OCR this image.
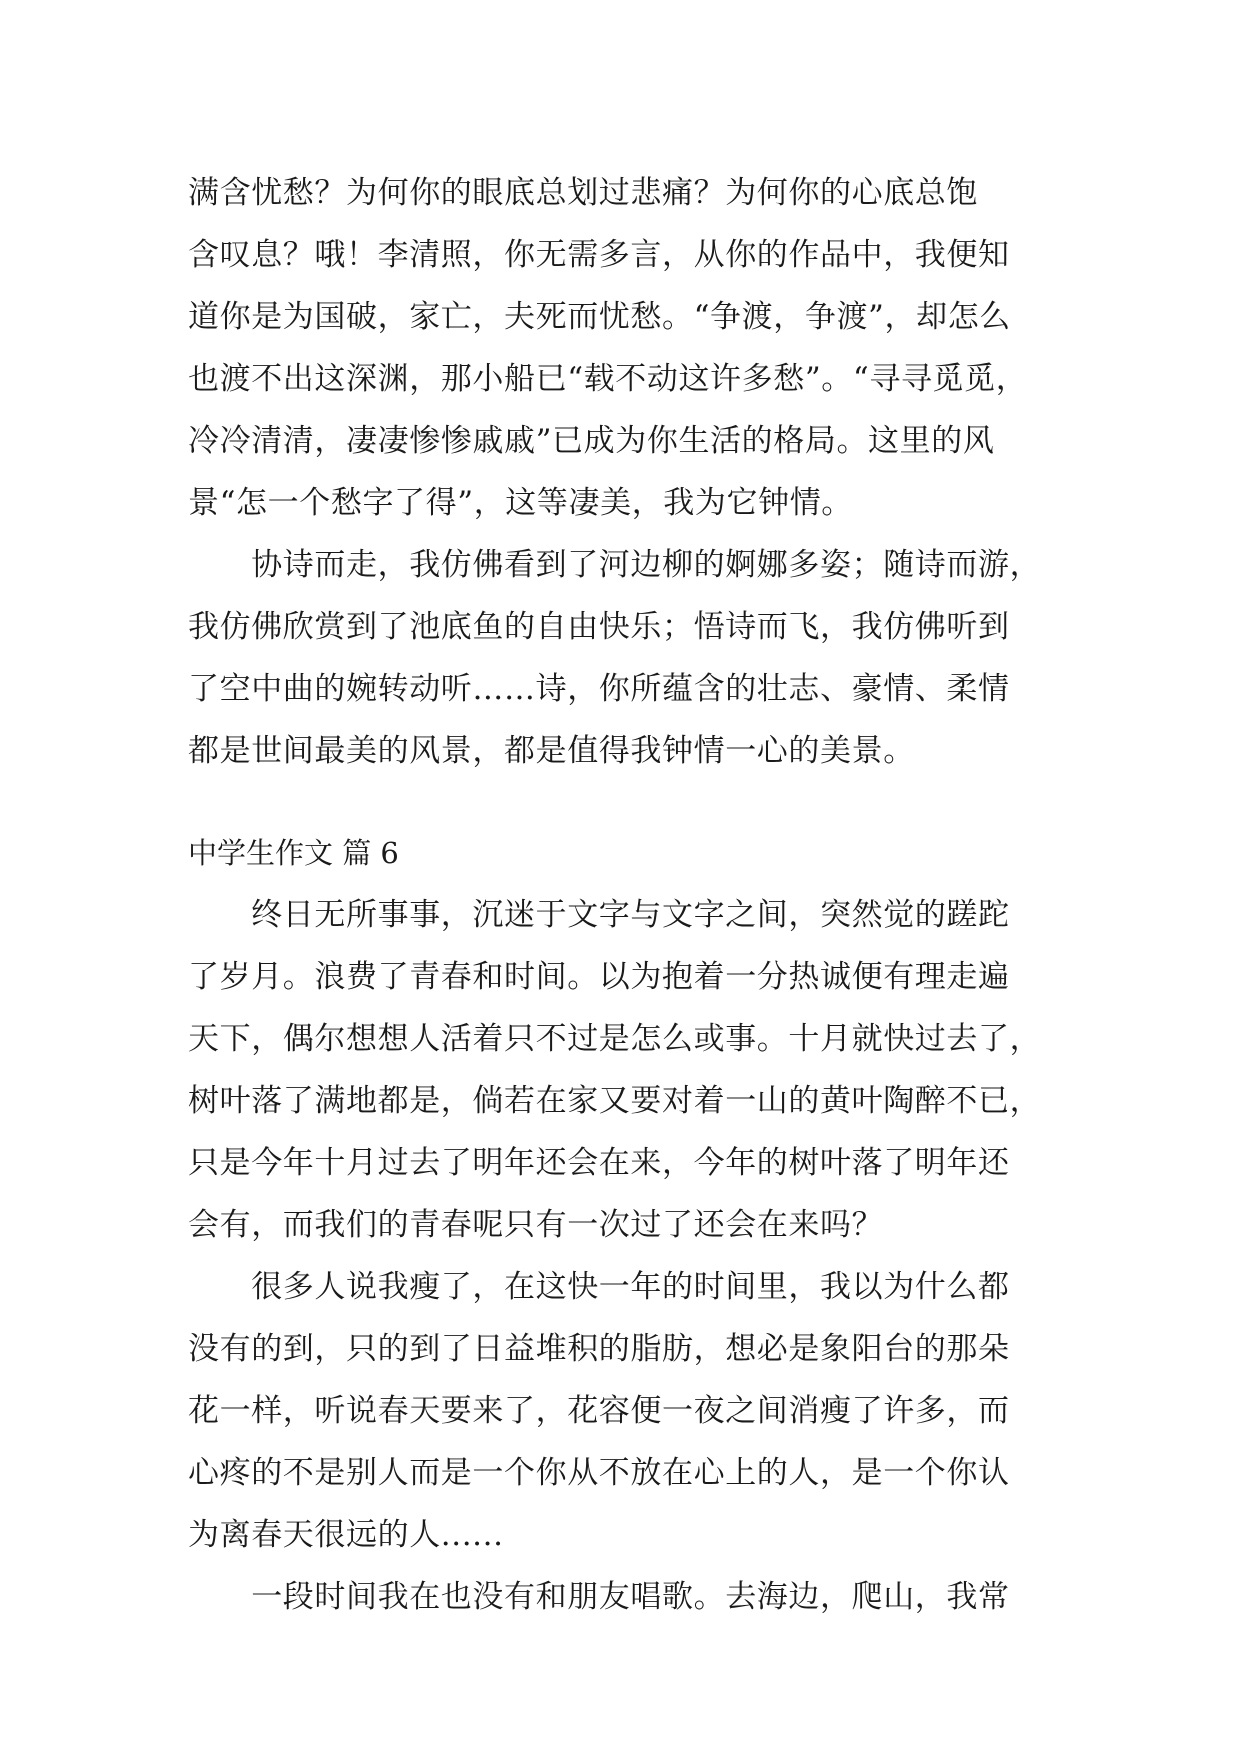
满含忧愁？为何你的眼底总划过悲痛？为何你的心底总饱
含叹息？哦！李清照，你无需多言，从你的作品中，我便知
道你是为国破，家亡，夫死而忧愁。“争渡，争渡”，却怎么
也渡不出这深渊，那小船已“载不动这许多愁”。“寻寻觅觅，
冷冷清清，凄凄惨惨戚戚”已成为你生活的格局。这里的风
景“怎一个愁字了得”，这等凄美，我为它钟情。
　　协诗而走，我仿佛看到了河边柳的婀娜多姿；随诗而游，
我仿佛欣赏到了池底鱼的自由快乐；悟诗而飞，我仿佛听到
了空中曲的婉转动听……诗，你所蕴含的壮志、豪情、柔情
都是世间最美的风景，都是值得我钟情一心的美景。
中学生作文 篇 6
　　终日无所事事，沉迷于文字与文字之间，突然觉的蹉跎
了岁月。浪费了青春和时间。以为抱着一分热诚便有理走遍
天下，偶尔想想人活着只不过是怎么或事。十月就快过去了，
树叶落了满地都是，倘若在家又要对着一山的黄叶陶醉不已，
只是今年十月过去了明年还会在来，今年的树叶落了明年还
会有，而我们的青春呢只有一次过了还会在来吗？
　　很多人说我瘦了，在这快一年的时间里，我以为什么都
没有的到，只的到了日益堆积的脂肪，想必是象阳台的那朵
花一样，听说春天要来了，花容便一夜之间消瘦了许多，而
心疼的不是别人而是一个你从不放在心上的人，是一个你认
为离春天很远的人......
　　一段时间我在也没有和朋友唱歌。去海边，爬山，我常
